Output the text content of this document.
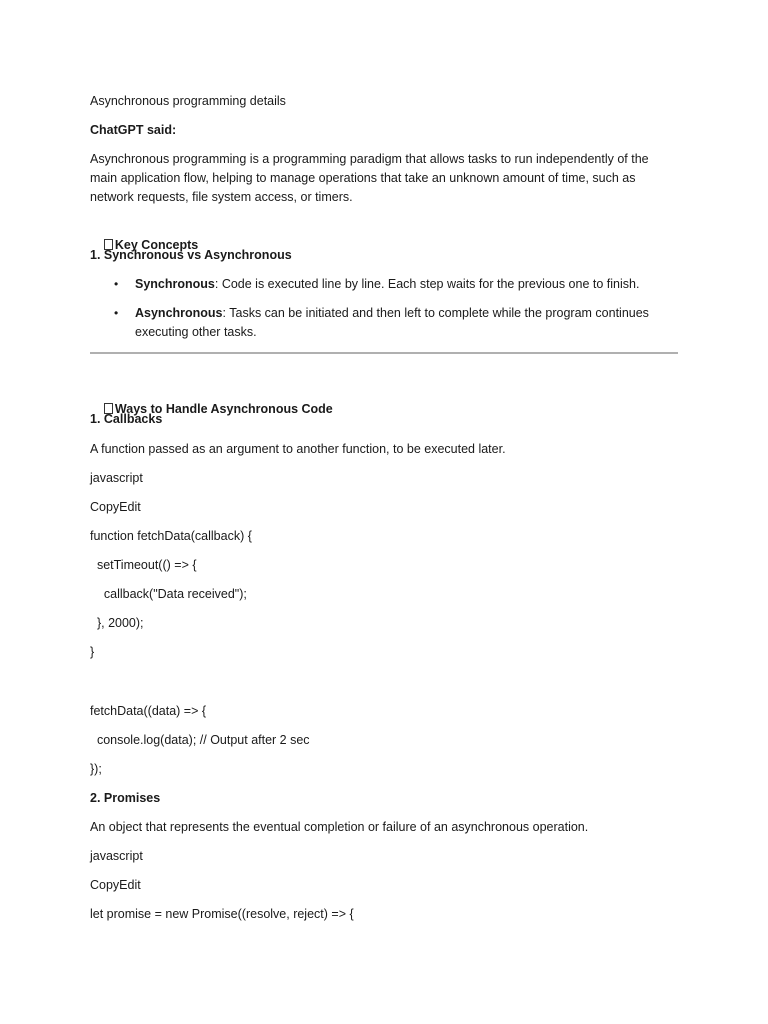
Asynchronous programming details
ChatGPT said:
Asynchronous programming is a programming paradigm that allows tasks to run independently of the
main application flow, helping to manage operations that take an unknown amount of time, such as
network requests, file system access, or timers.

Key Concepts

1. Synchronous vs Asynchronous
• Synchronous: Code is executed line by line. Each step waits for the previous one to finish.
• Asynchronous: Tasks can be initiated and then left to complete while the program continues
executing other tasks.

Ways to Handle Asynchronous Code

1. Callbacks
A function passed as an argument to another function, to be executed later.
javascript
CopyEdit
function fetchData(callback) {
setTimeout(() => {
callback("Data received");
}, 2000);
}
fetchData((data) => {
console.log(data); // Output after 2 sec
});
2. Promises
An object that represents the eventual completion or failure of an asynchronous operation.
javascript
CopyEdit
let promise = new Promise((resolve, reject) => {
